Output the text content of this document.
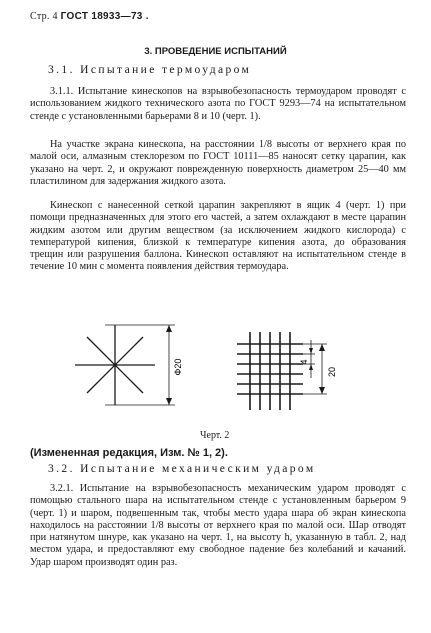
Стр. 4 ГОСТ 18933—73 .
3. ПРОВЕДЕНИЕ ИСПЫТАНИЙ
3.1. Испытание термоударом

3.1.1. Испытание кинескопов на взрывобезопасность термоударом проводят с использованием жидкого технического азота по ГОСТ 9293—74 на испытательном стенде с установленными барьерами 8 и 10 (черт. 1).

На участке экрана кинескопа, на расстоянии 1/8 высоты от верхнего края по малой оси, алмазным стеклорезом по ГОСТ 10111—85 наносят сетку царапин, как указано на черт. 2, и окружают поврежденную поверхность диаметром 25—40 мм пластилином для задержания жидкого азота.

Кинескоп с нанесенной сеткой царапин закрепляют в ящик 4 (черт. 1) при помощи предназначенных для этого его частей, а затем охлаждают в месте царапин жидким азотом или другим веществом (за исключением жидкого кислорода) с температурой кипения, близкой к температуре кипения азота, до образования трещин или разрушения баллона. Кинескоп оставляют на испытательном стенде в течение 10 мин с момента появления действия термоудара.

Ф20	4
20
Черт. 2
(Измененная редакция, Изм. № 1, 2).
3.2. Испытание механическим ударом

3.2.1. Испытание на взрывобезопасность механическим ударом проводят с помощью стального шара на испытательном стенде с установленным барьером 9 (черт. 1) и шаром, подвешенным так, чтобы место удара шара об экран кинескопа находилось на расстоянии 1/8 высоты от верхнего края по малой оси. Шар отводят при натянутом шнуре, как указано на черт. 1, на высоту h, указанную в табл. 2, над местом удара, и предоставляют ему свободное падение без колебаний и качаний. Удар шаром производят один раз.
